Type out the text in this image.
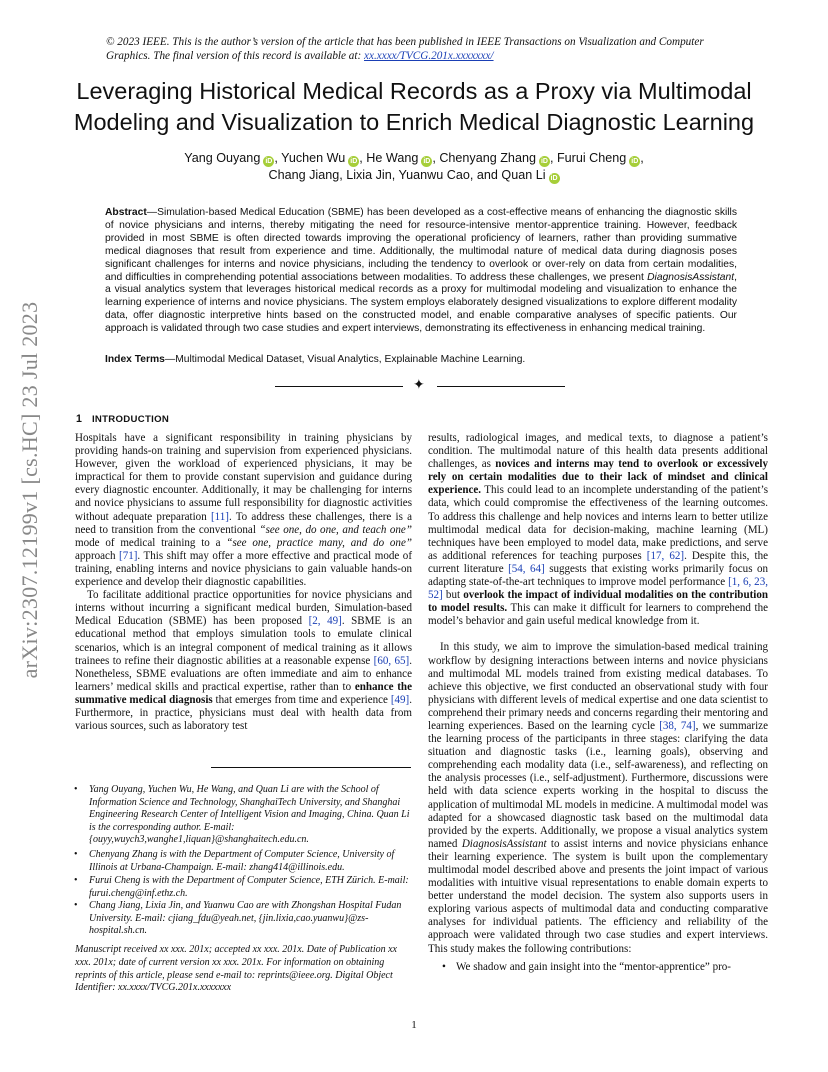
© 2023 IEEE. This is the author’s version of the article that has been published in IEEE Transactions on Visualization and Computer Graphics. The final version of this record is available at: xx.xxxx/TVCG.201x.xxxxxxx/
Leveraging Historical Medical Records as a Proxy via Multimodal Modeling and Visualization to Enrich Medical Diagnostic Learning
Yang Ouyang iD , Yuchen Wu iD , He Wang iD , Chenyang Zhang iD , Furui Cheng iD ,
Chang Jiang, Lixia Jin, Yuanwu Cao, and Quan Li iD
Abstract—Simulation-based Medical Education (SBME) has been developed as a cost-effective means of enhancing the diagnostic skills of novice physicians and interns, thereby mitigating the need for resource-intensive mentor-apprentice training. However, feedback provided in most SBME is often directed towards improving the operational proficiency of learners, rather than providing summative medical diagnoses that result from experience and time. Additionally, the multimodal nature of medical data during diagnosis poses significant challenges for interns and novice physicians, including the tendency to overlook or over-rely on data from certain modalities, and difficulties in comprehending potential associations between modalities. To address these challenges, we present DiagnosisAssistant, a visual analytics system that leverages historical medical records as a proxy for multimodal modeling and visualization to enhance the learning experience of interns and novice physicians. The system employs elaborately designed visualizations to explore different modality data, offer diagnostic interpretive hints based on the constructed model, and enable comparative analyses of specific patients. Our approach is validated through two case studies and expert interviews, demonstrating its effectiveness in enhancing medical training.
Index Terms—Multimodal Medical Dataset, Visual Analytics, Explainable Machine Learning.
✦
arXiv:2307.12199v1 [cs.HC] 23 Jul 2023	1 INTRODUCTION

Hospitals have a significant responsibility in training physicians by providing hands-on training and supervision from experienced physicians. However, given the workload of experienced physicians, it may be impractical for them to provide constant supervision and guidance during every diagnostic encounter. Additionally, it may be challenging for interns and novice physicians to assume full responsibility for diagnostic activities without adequate preparation [11]. To address these challenges, there is a need to transition from the conventional “see one, do one, and teach one” mode of medical training to a “see one, practice many, and do one” approach [71]. This shift may offer a more effective and practical mode of training, enabling interns and novice physicians to gain valuable hands-on experience and develop their diagnostic capabilities.

To facilitate additional practice opportunities for novice physicians and interns without incurring a significant medical burden, Simulation-based Medical Education (SBME) has been proposed [2, 49]. SBME is an educational method that employs simulation tools to emulate clinical scenarios, which is an integral component of medical training as it allows trainees to refine their diagnostic abilities at a reasonable expense [60, 65]. Nonetheless, SBME evaluations are often immediate and aim to enhance learners’ medical skills and practical expertise, rather than to enhance the summative medical diagnosis that emerges from time and experience [49]. Furthermore, in practice, physicians must deal with health data from various sources, such as laboratory test

• Yang Ouyang, Yuchen Wu, He Wang, and Quan Li are with the School of Information Science and Technology, ShanghaiTech University, and Shanghai Engineering Research Center of Intelligent Vision and Imaging, China. Quan Li is the corresponding author. E-mail: {ouyy,wuych3,wanghe1,liquan}@shanghaitech.edu.cn.
• Chenyang Zhang is with the Department of Computer Science, University of Illinois at Urbana-Champaign. E-mail: zhang414@illinois.edu.
• Furui Cheng is with the Department of Computer Science, ETH Zürich. E-mail: furui.cheng@inf.ethz.ch.
• Chang Jiang, Lixia Jin, and Yuanwu Cao are with Zhongshan Hospital Fudan University. E-mail: cjiang_fdu@yeah.net, {jin.lixia,cao.yuanwu}@zs-hospital.sh.cn.
Manuscript received xx xxx. 201x; accepted xx xxx. 201x. Date of Publication xx xxx. 201x; date of current version xx xxx. 201x. For information on obtaining reprints of this article, please send e-mail to: reprints@ieee.org. Digital Object Identifier: xx.xxxx/TVCG.201x.xxxxxxx

results, radiological images, and medical texts, to diagnose a patient’s condition. The multimodal nature of this health data presents additional challenges, as novices and interns may tend to overlook or excessively rely on certain modalities due to their lack of mindset and clinical experience. This could lead to an incomplete understanding of the patient’s data, which could compromise the effectiveness of the learning outcomes. To address this challenge and help novices and interns learn to better utilize multimodal medical data for decision-making, machine learning (ML) techniques have been employed to model data, make predictions, and serve as additional references for teaching purposes [17, 62]. Despite this, the current literature [54, 64] suggests that existing works primarily focus on adapting state-of-the-art techniques to improve model performance [1, 6, 23, 52] but overlook the impact of individual modalities on the contribution to model results. This can make it difficult for learners to comprehend the model’s behavior and gain useful medical knowledge from it.

In this study, we aim to improve the simulation-based medical training workflow by designing interactions between interns and novice physicians and multimodal ML models trained from existing medical databases. To achieve this objective, we first conducted an observational study with four physicians with different levels of medical expertise and one data scientist to comprehend their primary needs and concerns regarding their mentoring and learning experiences. Based on the learning cycle [38, 74], we summarize the learning process of the participants in three stages: clarifying the data situation and diagnostic tasks (i.e., learning goals), observing and comprehending each modality data (i.e., self-awareness), and reflecting on the analysis processes (i.e., self-adjustment). Furthermore, discussions were held with data science experts working in the hospital to discuss the application of multimodal ML models in medicine. A multimodal model was adapted for a showcased diagnostic task based on the multimodal data provided by the experts. Additionally, we propose a visual analytics system named DiagnosisAssistant to assist interns and novice physicians enhance their learning experience. The system is built upon the complementary multimodal model described above and presents the joint impact of various modalities with intuitive visual representations to enable domain experts to better understand the model decision. The system also supports users in exploring various aspects of multimodal data and conducting comparative analyses for individual patients. The efficiency and reliability of the approach were validated through two case studies and expert interviews. This study makes the following contributions:

• We shadow and gain insight into the “mentor-apprentice” pro-

1
